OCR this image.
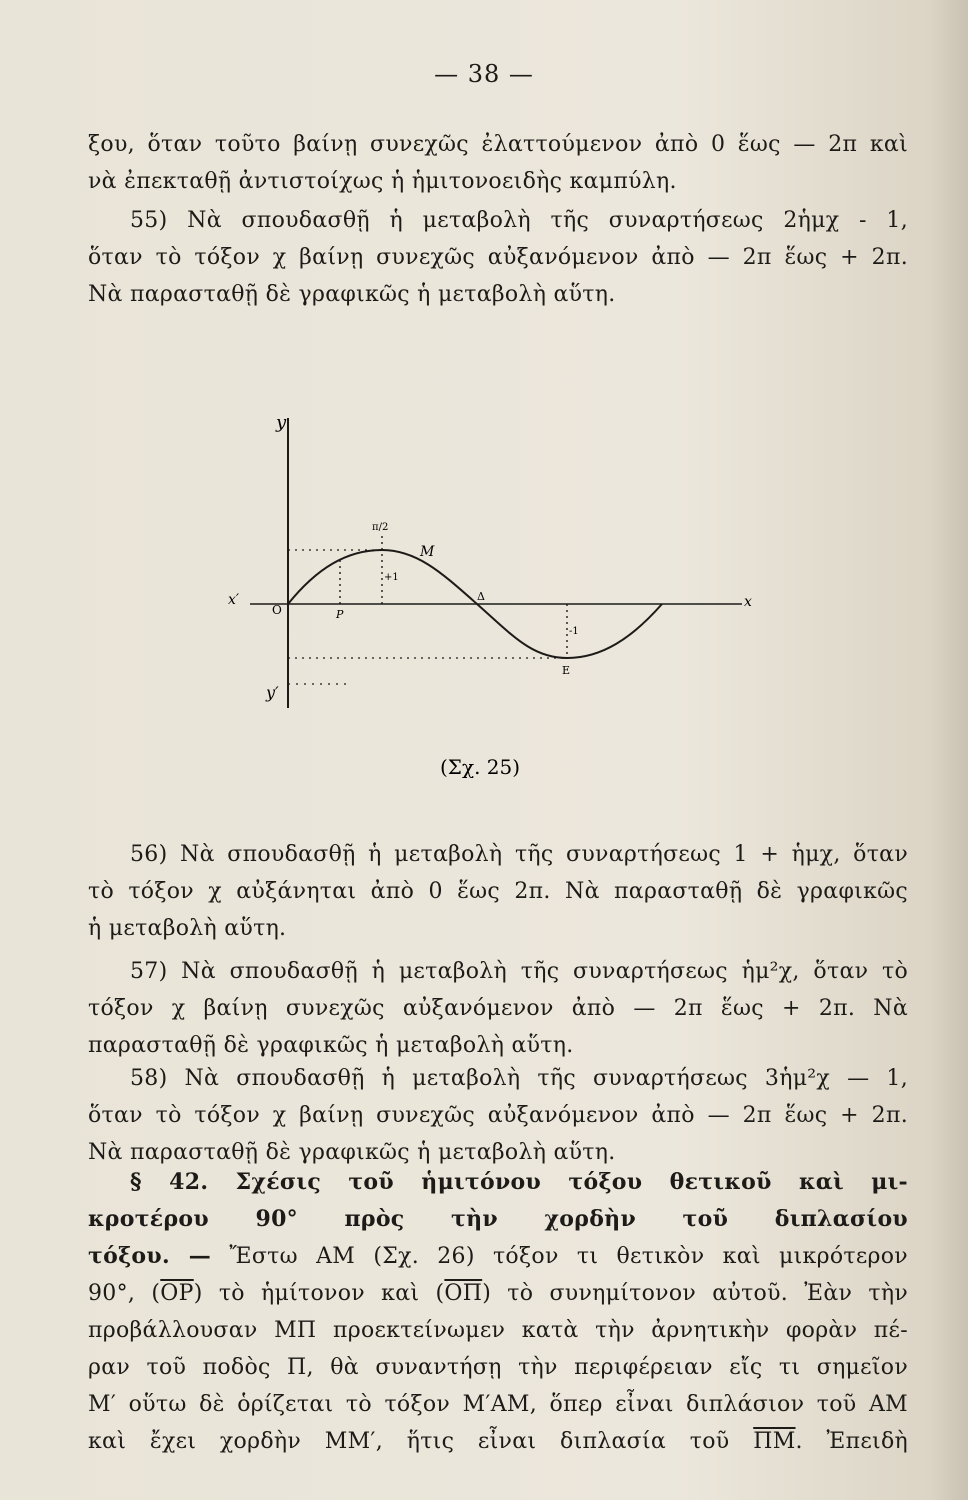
— 38 —
ξου, ὅταν τοῦτο βαίνῃ συνεχῶς ἐλαττούμενον ἀπὸ 0 ἕως — 2π καὶ
νὰ ἐπεκταθῇ ἀντιστοίχως ἡ ἡμιτονοειδὴς καμπύλη.
55) Νὰ σπουδασθῇ ἡ μεταβολὴ τῆς συναρτήσεως 2ἡμχ - 1,
ὅταν τὸ τόξον χ βαίνῃ συνεχῶς αὐξανόμενον ἀπὸ — 2π ἕως + 2π.
Νὰ παρασταθῇ δὲ γραφικῶς ἡ μεταβολὴ αὕτη.
y
y′
x′	x
O
+1
-1
M
E
P
Δ
π/2
(Σχ. 25)
56) Νὰ σπουδασθῇ ἡ μεταβολὴ τῆς συναρτήσεως 1 + ἡμχ, ὅταν
τὸ τόξον χ αὐξάνηται ἀπὸ 0 ἕως 2π. Νὰ παρασταθῇ δὲ γραφικῶς
ἡ μεταβολὴ αὕτη.
57) Νὰ σπουδασθῇ ἡ μεταβολὴ τῆς συναρτήσεως ἡμ²χ, ὅταν τὸ
τόξον χ βαίνῃ συνεχῶς αὐξανόμενον ἀπὸ — 2π ἕως + 2π. Νὰ
παρασταθῇ δὲ γραφικῶς ἡ μεταβολὴ αὕτη.
58) Νὰ σπουδασθῇ ἡ μεταβολὴ τῆς συναρτήσεως 3ἡμ²χ — 1,
ὅταν τὸ τόξον χ βαίνῃ συνεχῶς αὐξανόμενον ἀπὸ — 2π ἕως + 2π.
Νὰ παρασταθῇ δὲ γραφικῶς ἡ μεταβολὴ αὕτη.
§ 42. Σχέσις τοῦ ἡμιτόνου τόξου θετικοῦ καὶ μι-
κροτέρου 90° πρὸς τὴν χορδὴν τοῦ διπλασίου
τόξου. — Ἔστω ΑΜ (Σχ. 26) τόξον τι θετικὸν καὶ μικρότερον
90°, $(\overline{OP})$ τὸ ἡμίτονον καὶ $(\overline{O\Pi})$ τὸ συνημίτονον αὐτοῦ. Ἐὰν τὴν
προβάλλουσαν ΜΠ προεκτείνωμεν κατὰ τὴν ἀρνητικὴν φορὰν πέ-
ραν τοῦ ποδὸς Π, θὰ συναντήσῃ τὴν περιφέρειαν εἴς τι σημεῖον
Μ′ οὕτω δὲ ὁρίζεται τὸ τόξον Μ′ΑΜ, ὅπερ εἶναι διπλάσιον τοῦ ΑΜ
καὶ ἔχει χορδὴν ΜΜ′, ἥτις εἶναι διπλασία τοῦ $\overline{\Pi M}$. Ἐπειδὴ
